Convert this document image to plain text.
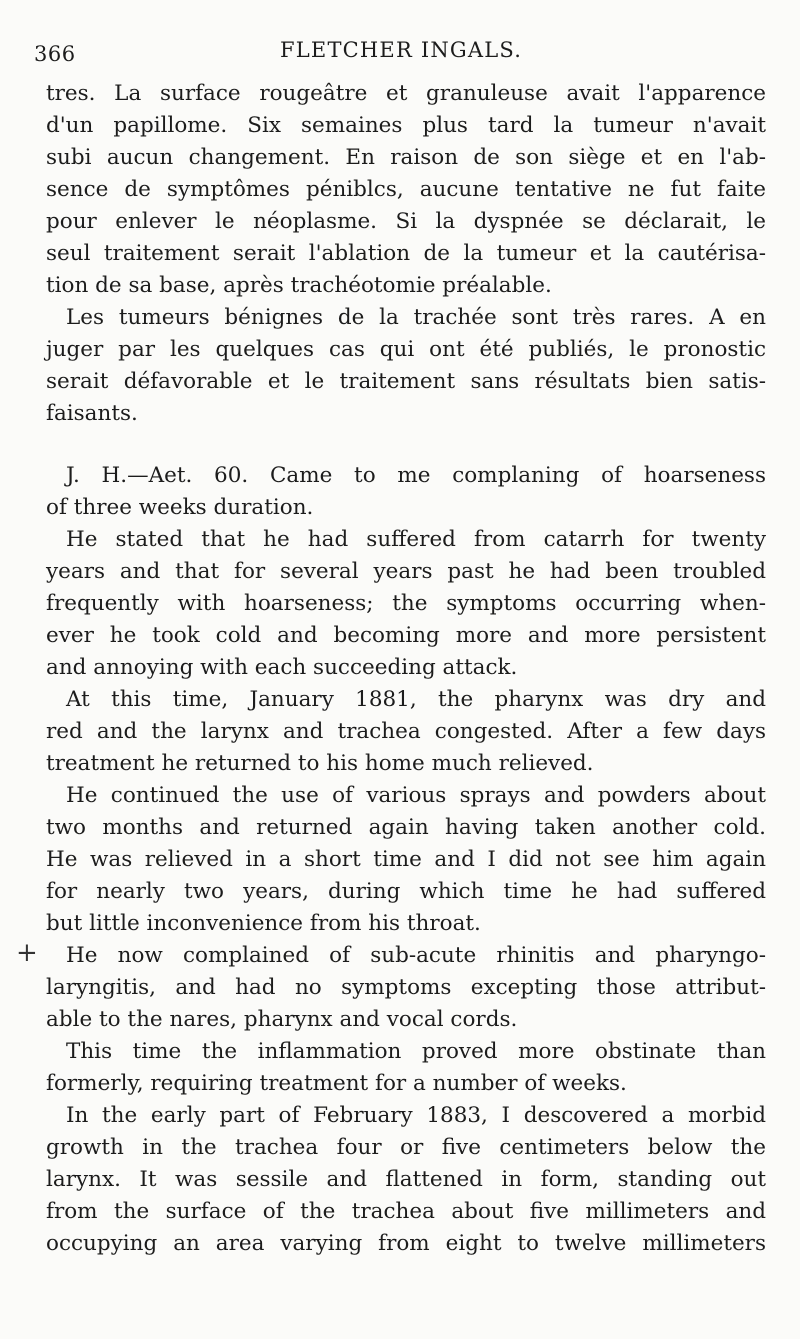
366	FLETCHER INGALS.
tres. La surface rougeâtre et granuleuse avait l'apparence
d'un papillome. Six semaines plus tard la tumeur n'avait
subi aucun changement. En raison de son siège et en l'ab-
sence de symptômes péniblcs, aucune tentative ne fut faite
pour enlever le néoplasme. Si la dyspnée se déclarait, le
seul traitement serait l'ablation de la tumeur et la cautérisa-
tion de sa base, après trachéotomie préalable.
Les tumeurs bénignes de la trachée sont très rares. A en
juger par les quelques cas qui ont été publiés, le pronostic
serait défavorable et le traitement sans résultats bien satis-
faisants.
J. H.—Aet. 60. Came to me complaning of hoarseness
of three weeks duration.
He stated that he had suffered from catarrh for twenty
years and that for several years past he had been troubled
frequently with hoarseness; the symptoms occurring when-
ever he took cold and becoming more and more persistent
and annoying with each succeeding attack.
At this time, January 1881, the pharynx was dry and
red and the larynx and trachea congested. After a few days
treatment he returned to his home much relieved.
He continued the use of various sprays and powders about
two months and returned again having taken another cold.
He was relieved in a short time and I did not see him again
for nearly two years, during which time he had suffered
but little inconvenience from his throat.
He now complained of sub-acute rhinitis and pharyngo-
laryngitis, and had no symptoms excepting those attribut-
able to the nares, pharynx and vocal cords.
This time the inflammation proved more obstinate than
formerly, requiring treatment for a number of weeks.
In the early part of February 1883, I descovered a morbid
growth in the trachea four or five centimeters below the
larynx. It was sessile and flattened in form, standing out
from the surface of the trachea about five millimeters and
occupying an area varying from eight to twelve millimeters
+
